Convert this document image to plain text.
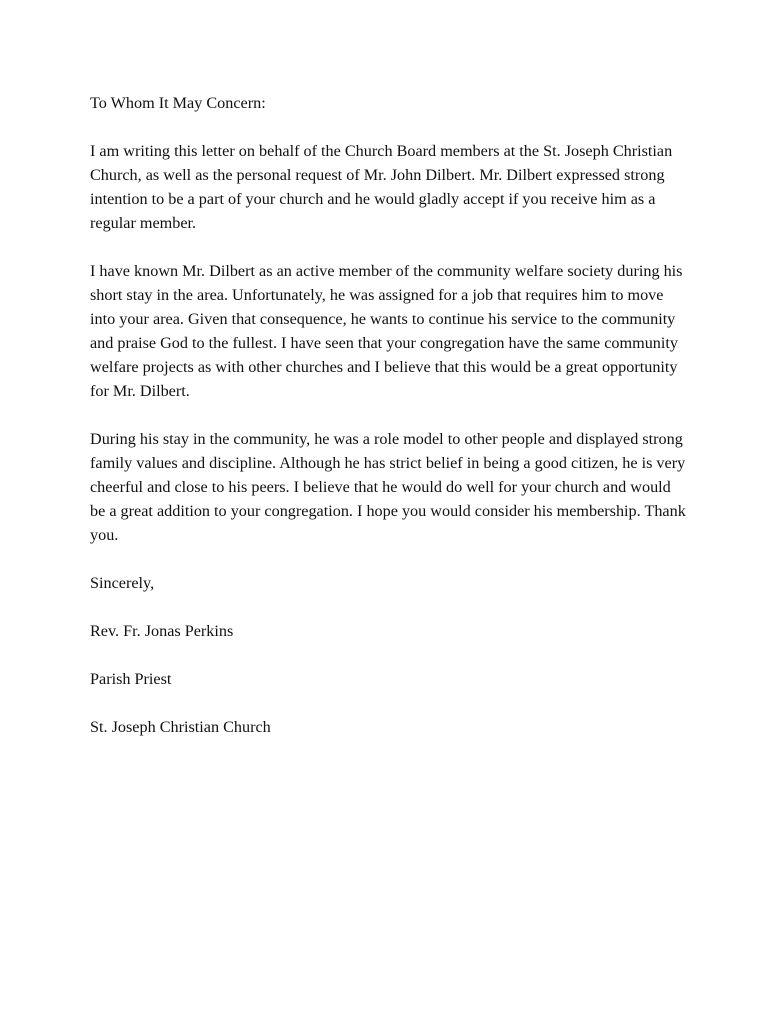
To Whom It May Concern:

I am writing this letter on behalf of the Church Board members at the St. Joseph Christian Church, as well as the personal request of Mr. John Dilbert. Mr. Dilbert expressed strong intention to be a part of your church and he would gladly accept if you receive him as a regular member.

I have known Mr. Dilbert as an active member of the community welfare society during his short stay in the area. Unfortunately, he was assigned for a job that requires him to move into your area. Given that consequence, he wants to continue his service to the community and praise God to the fullest. I have seen that your congregation have the same community welfare projects as with other churches and I believe that this would be a great opportunity for Mr. Dilbert.

During his stay in the community, he was a role model to other people and displayed strong family values and discipline. Although he has strict belief in being a good citizen, he is very cheerful and close to his peers. I believe that he would do well for your church and would be a great addition to your congregation. I hope you would consider his membership. Thank you.

Sincerely,

Rev. Fr. Jonas Perkins

Parish Priest

St. Joseph Christian Church
